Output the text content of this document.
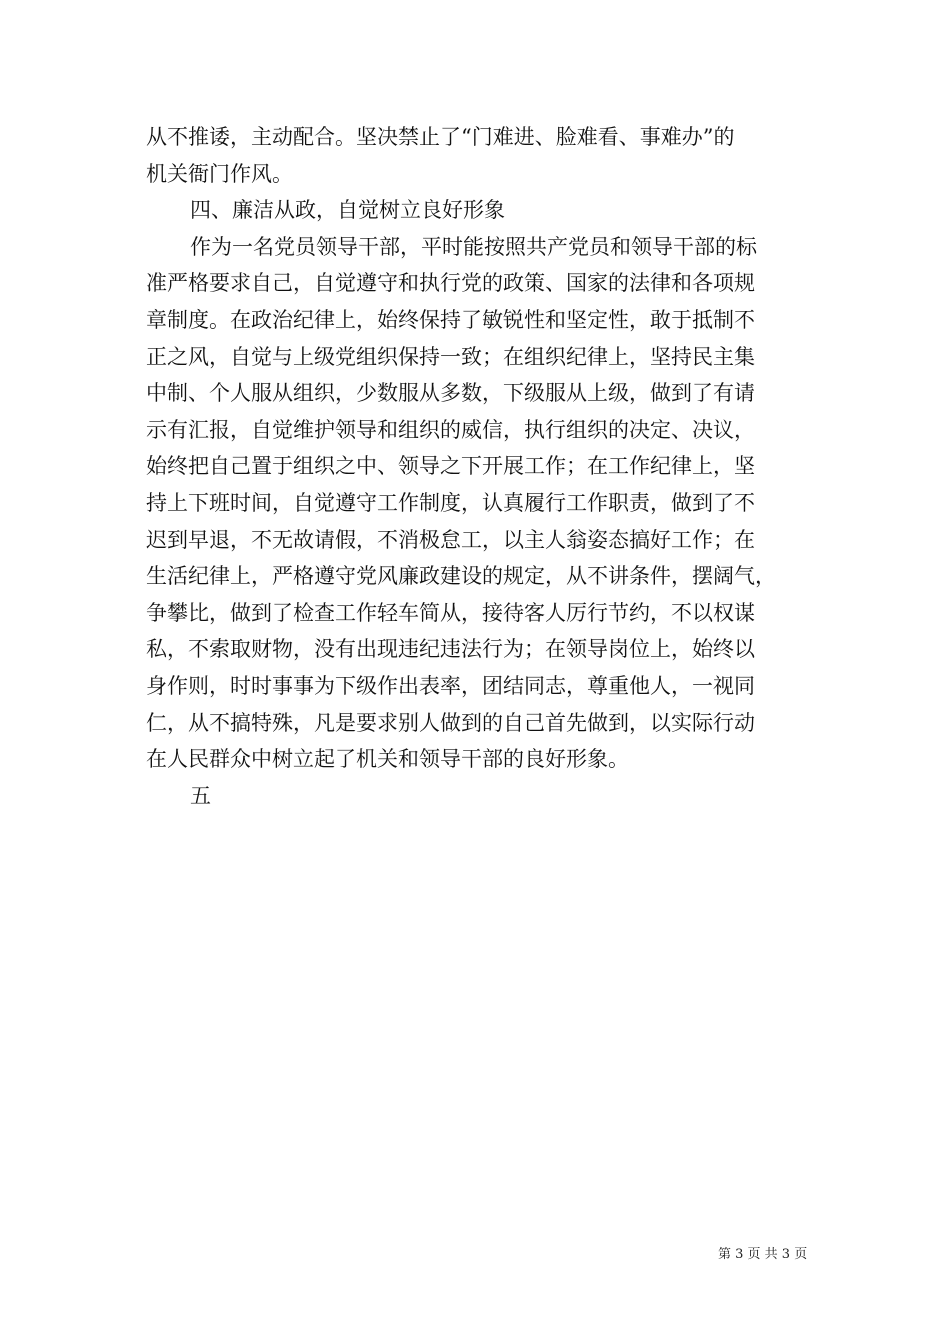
从不推诿，主动配合。坚决禁止了“门难进、脸难看、事难办”的
机关衙门作风。
四、廉洁从政，自觉树立良好形象
作为一名党员领导干部，平时能按照共产党员和领导干部的标
准严格要求自己，自觉遵守和执行党的政策、国家的法律和各项规
章制度。在政治纪律上，始终保持了敏锐性和坚定性，敢于抵制不
正之风，自觉与上级党组织保持一致；在组织纪律上，坚持民主集
中制、个人服从组织，少数服从多数，下级服从上级，做到了有请
示有汇报，自觉维护领导和组织的威信，执行组织的决定、决议，
始终把自己置于组织之中、领导之下开展工作；在工作纪律上，坚
持上下班时间，自觉遵守工作制度，认真履行工作职责，做到了不
迟到早退，不无故请假，不消极怠工，以主人翁姿态搞好工作；在
生活纪律上，严格遵守党风廉政建设的规定，从不讲条件，摆阔气，
争攀比，做到了检查工作轻车简从，接待客人厉行节约，不以权谋
私，不索取财物，没有出现违纪违法行为；在领导岗位上，始终以
身作则，时时事事为下级作出表率，团结同志，尊重他人，一视同
仁，从不搞特殊，凡是要求别人做到的自己首先做到，以实际行动
在人民群众中树立起了机关和领导干部的良好形象。
五
第 3 页 共 3 页
